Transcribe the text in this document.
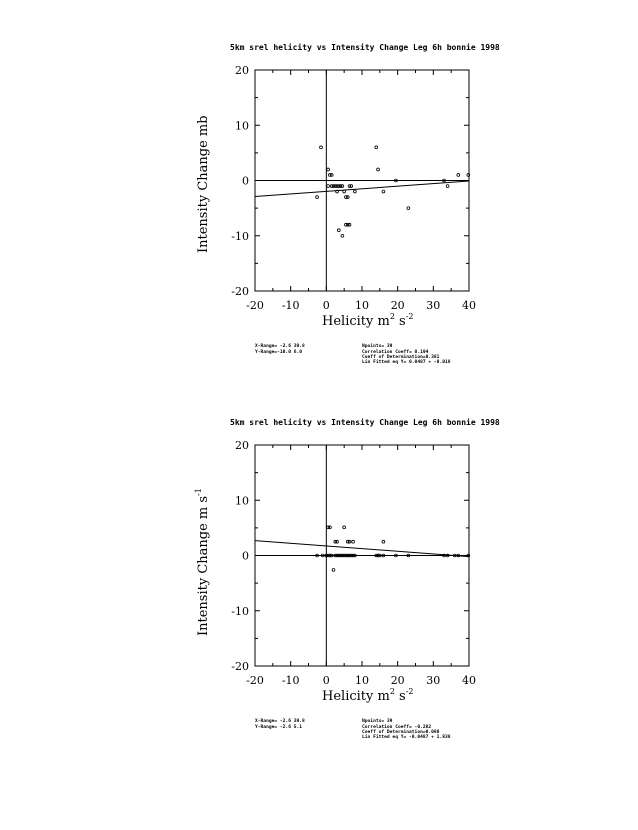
5km srel helicity vs Intensity Change Leg 6h bonnie 1998
-20 -10 0 10 20 30 40
20
10
0
-10
-20
Helicity $m^2$ $_s^{-2}$
Intensity Change mb
X-Range= -2.6 39.8
Y-Range=-10.0 6.0
Npoints= 39
Correlation Coeff= 0.194
Coeff of Determination=0.381
Lin Fitted eq Y= 0.0487 + -0.018
5km srel helicity vs Intensity Change Leg 6h bonnie 1998
-20 -10 0 10 20 30 40
20
10
0
-10
-20
Helicity $m^2$ $_s^{-2}$
Intensity Change m $s^{-1}$
X-Range= -2.6 39.8
Y-Range= -2.6 5.1
Npoints= 39
Correlation Coeff= -0.282
Coeff of Determination=0.080
Lin Fitted eq Y= -0.0487 + 1.838
